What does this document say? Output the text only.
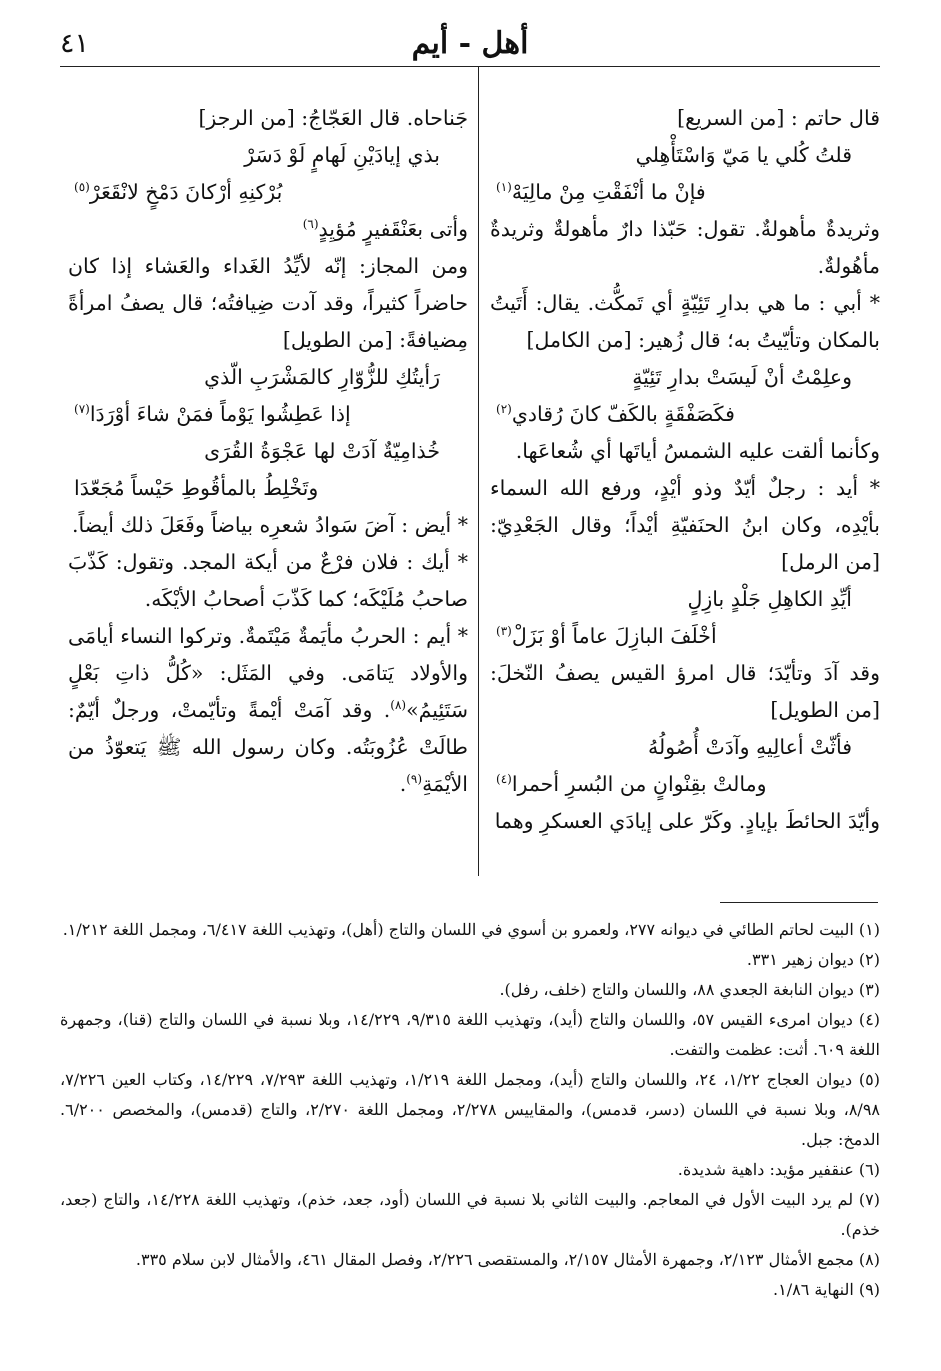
أهل - أيم
٤١

قال حاتم : [من السريع]

قلتُ كُلي يا مَيّ وَاسْتَأْهِلي
فإنْ ما أنْفَقْتِ مِنْ مالِيَهْ$^{(١)}$

وثريدةٌ مأهولةٌ. تقول: حَبّذا دارٌ مأهولةٌ وثريدةٌ مأهُولةٌ.

* أبي : ما هي بدارِ تَئِيّةٍ أي تَمكُّث. يقال: أَتَيتُ بالمكان وتأيّيتُ به؛ قال زُهير: [من الكامل]

وعلِمْتُ أنْ لَيسَتْ بدارِ تَئِيّةٍ
فكَصَفْقَةٍ بالكَفّ كانَ رُقادي$^{(٢)}$

وكأنما ألقت عليه الشمسُ أياتَها أي شُعاعَها.

* أيد : رجلٌ أيّدٌ وذو أيْدٍ، ورفع الله السماء بأيْدِه، وكان ابنُ الحنَفيّةِ أيْداً؛ وقال الجَعْدِيّ: [من الرمل]

أيِّدِ الكاهِلِ جَلْدٍ بازِلٍ
أخْلَفَ البازِلَ عاماً أوْ بَزَلْ$^{(٣)}$

وقد آدَ وتأيّدَ؛ قال امرؤ القيس يصفُ النّخلَ: [من الطويل]

فأثّتْ أعالِيهِ وآدَتْ أُصُولُهُ
ومالتْ بقِنْوانٍ من البُسرِ أحمرا$^{(٤)}$

وأيّدَ الحائطَ بإيادٍ. وكَرّ على إيادَي العسكرِ وهما

جَناحاه. قال العَجّاجُ: [من الرجز]

بذي إيادَيْنِ لَهامٍ لَوْ دَسَرْ
بُرْكنِهِ أرْكانَ دَمْخٍ لانْقَعَرْ$^{(٥)}$

وأتى بعَنْقَفيرٍ مُؤيِدٍ$^{(٦)}$

ومن المجاز: إنّه لأيِّدُ الغَداء والعَشاء إذا كان حاضراً كثيراً، وقد آدت ضِيافتُه؛ قال يصفُ امرأةً مِضيافةً: [من الطويل]

رَأيتُكِ للزُّوّارِ كالمَشْرَبِ الّذي
إذا عَطِشُوا يَوْماً فمَنْ شاءَ أوْرَدَا$^{(٧)}$
خُذامِيّةٌ آدَتْ لها عَجْوَةُ القُرَى
وتَخْلِطُ بالمأقُوطِ حَيْساً مُجَعّدَا

* أيض : آضَ سَوادُ شعرِه بياضاً وفَعَلَ ذلك أيضاً.

* أيك : فلان فرْعٌ من أيكة المجد. وتقول: كَذّبَ صاحبُ مُلَيْكَه؛ كما كَذّبَ أصحابُ الأيْكَه.

* أيم : الحربُ مأيَمةٌ مَيْتَمةٌ. وتركوا النساء أيامَى والأولاد يَتامَى. وفي المَثَل: «كُلُّ ذاتِ بَعْلٍ سَتَئِيمُ»$^{(٨)}$. وقد آمَتْ أيْمةً وتأيّمتْ، ورجلٌ أيّمٌ: طالَتْ عُزُوبَتُه. وكان رسول الله ﷺ يَتعوّذُ من الأيْمَةِ$^{(٩)}$.

(١) البيت لحاتم الطائي في ديوانه ٢٧٧، ولعمرو بن أسوي في اللسان والتاج (أهل)، وتهذيب اللغة ٦/٤١٧، ومجمل اللغة ١/٢١٢.

(٢) ديوان زهير ٣٣١.

(٣) ديوان النابغة الجعدي ٨٨، واللسان والتاج (خلف، رفل).

(٤) ديوان امرىء القيس ٥٧، واللسان والتاج (أيد)، وتهذيب اللغة ٩/٣١٥، ١٤/٢٢٩، وبلا نسبة في اللسان والتاج (قنا)، وجمهرة اللغة ٦٠٩. أثت: عظمت والتفت.

(٥) ديوان العجاج ١/٢٢، ٢٤، واللسان والتاج (أيد)، ومجمل اللغة ١/٢١٩، وتهذيب اللغة ٧/٢٩٣، ١٤/٢٢٩، وكتاب العين ٧/٢٢٦، ٨/٩٨، وبلا نسبة في اللسان (دسر، قدمس)، والمقاييس ٢/٢٧٨، ومجمل اللغة ٢/٢٧٠، والتاج (قدمس)، والمخصص ٦/٢٠٠. الدمخ: جبل.

(٦) عنقفير مؤيد: داهية شديدة.

(٧) لم يرد البيت الأول في المعاجم. والبيت الثاني بلا نسبة في اللسان (أود، جعد، خذم)، وتهذيب اللغة ١٤/٢٢٨، والتاج (جعد، خذم).

(٨) مجمع الأمثال ٢/١٢٣، وجمهرة الأمثال ٢/١٥٧، والمستقصى ٢/٢٢٦، وفصل المقال ٤٦١، والأمثال لابن سلام ٣٣٥.

(٩) النهاية ١/٨٦.
